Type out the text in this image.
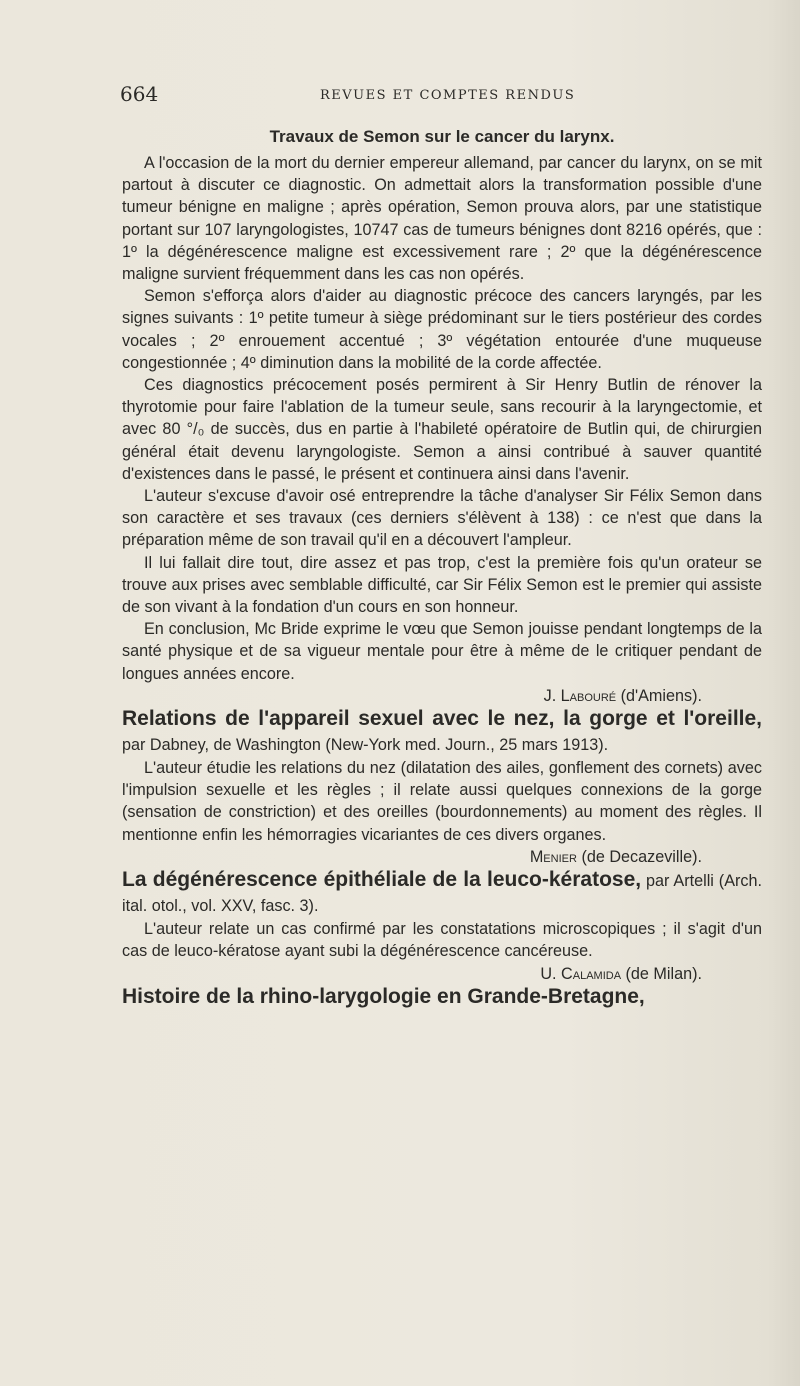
664	REVUES ET COMPTES RENDUS
Travaux de Semon sur le cancer du larynx.

A l'occasion de la mort du dernier empereur allemand, par cancer du larynx, on se mit partout à discuter ce diagnostic. On admettait alors la transformation possible d'une tumeur bénigne en maligne ; après opération, Semon prouva alors, par une statistique portant sur 107 laryngologistes, 10747 cas de tumeurs bénignes dont 8216 opérés, que : 1º la dégénérescence maligne est excessivement rare ; 2º que la dégénérescence maligne survient fréquemment dans les cas non opérés.

Semon s'efforça alors d'aider au diagnostic précoce des cancers laryngés, par les signes suivants : 1º petite tumeur à siège prédominant sur le tiers postérieur des cordes vocales ; 2º enrouement accentué ; 3º végétation entourée d'une muqueuse congestionnée ; 4º diminution dans la mobilité de la corde affectée.

Ces diagnostics précocement posés permirent à Sir Henry Butlin de rénover la thyrotomie pour faire l'ablation de la tumeur seule, sans recourir à la laryngectomie, et avec 80 °/₀ de succès, dus en partie à l'habileté opératoire de Butlin qui, de chirurgien général était devenu laryngologiste. Semon a ainsi contribué à sauver quantité d'existences dans le passé, le présent et continuera ainsi dans l'avenir.

L'auteur s'excuse d'avoir osé entreprendre la tâche d'analyser Sir Félix Semon dans son caractère et ses travaux (ces derniers s'élèvent à 138) : ce n'est que dans la préparation même de son travail qu'il en a découvert l'ampleur.

Il lui fallait dire tout, dire assez et pas trop, c'est la première fois qu'un orateur se trouve aux prises avec semblable difficulté, car Sir Félix Semon est le premier qui assiste de son vivant à la fondation d'un cours en son honneur.

En conclusion, Mc Bride exprime le vœu que Semon jouisse pendant longtemps de la santé physique et de sa vigueur mentale pour être à même de le critiquer pendant de longues années encore.

J. Labouré (d'Amiens).
Relations de l'appareil sexuel avec le nez, la gorge et l'oreille, par Dabney, de Washington (New-York med. Journ., 25 mars 1913).

L'auteur étudie les relations du nez (dilatation des ailes, gonflement des cornets) avec l'impulsion sexuelle et les règles ; il relate aussi quelques connexions de la gorge (sensation de constriction) et des oreilles (bourdonnements) au moment des règles. Il mentionne enfin les hémorragies vicariantes de ces divers organes.

Menier (de Decazeville).
La dégénérescence épithéliale de la leuco-kératose, par Artelli (Arch. ital. otol., vol. XXV, fasc. 3).

L'auteur relate un cas confirmé par les constatations microscopiques ; il s'agit d'un cas de leuco-kératose ayant subi la dégénérescence cancéreuse.

U. Calamida (de Milan).
Histoire de la rhino-larygologie en Grande-Bretagne,
